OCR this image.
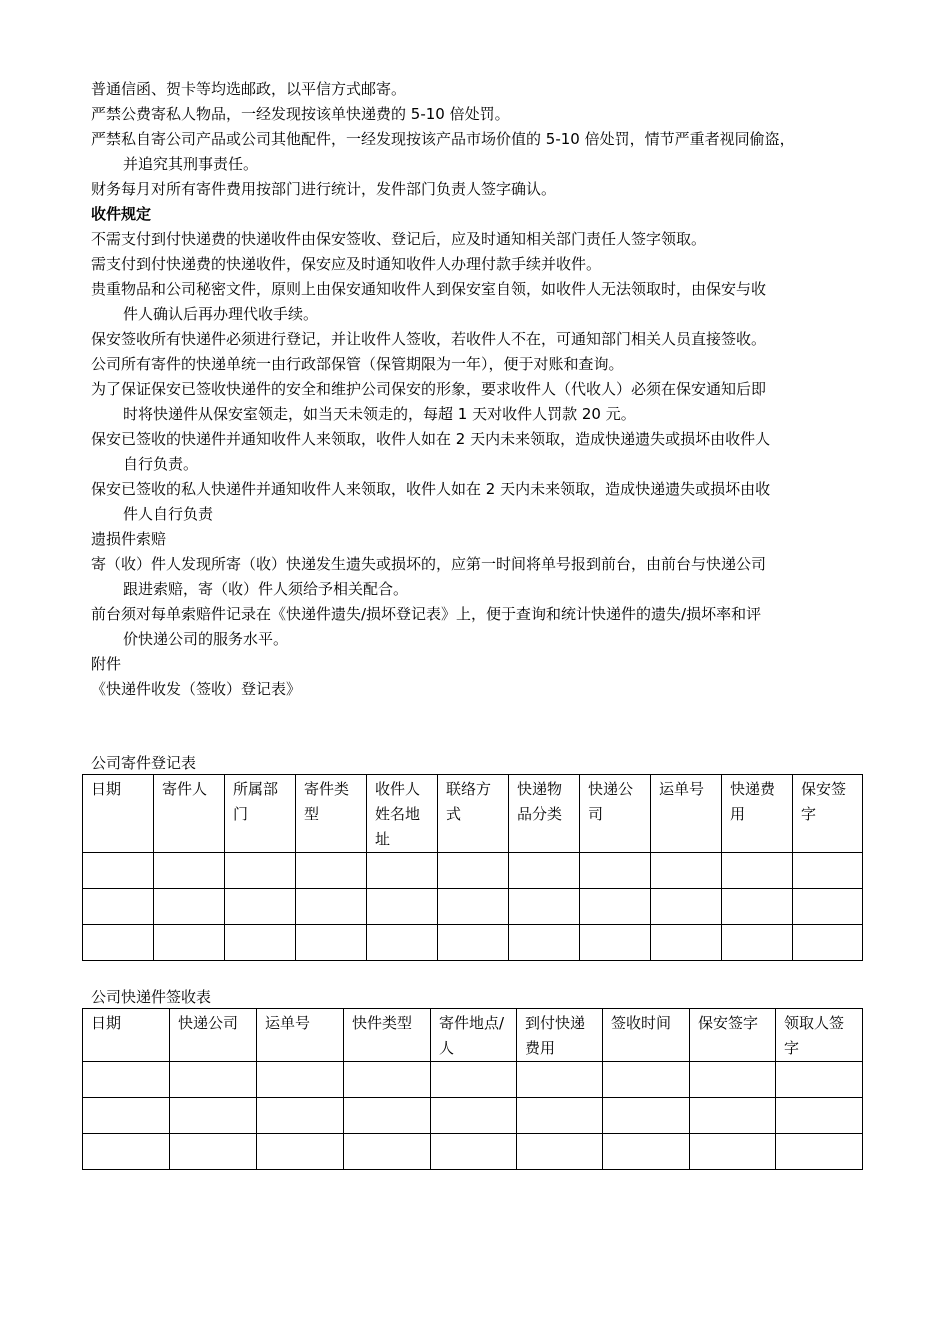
普通信函、贺卡等均选邮政，以平信方式邮寄。

严禁公费寄私人物品，一经发现按该单快递费的 5-10 倍处罚。

严禁私自寄公司产品或公司其他配件，一经发现按该产品市场价值的 5-10 倍处罚，情节严重者视同偷盗，
并追究其刑事责任。

财务每月对所有寄件费用按部门进行统计，发件部门负责人签字确认。

收件规定

不需支付到付快递费的快递收件由保安签收、登记后，应及时通知相关部门责任人签字领取。

需支付到付快递费的快递收件，保安应及时通知收件人办理付款手续并收件。

贵重物品和公司秘密文件，原则上由保安通知收件人到保安室自领，如收件人无法领取时，由保安与收
件人确认后再办理代收手续。

保安签收所有快递件必须进行登记，并让收件人签收，若收件人不在，可通知部门相关人员直接签收。

公司所有寄件的快递单统一由行政部保管（保管期限为一年），便于对账和查询。

为了保证保安已签收快递件的安全和维护公司保安的形象，要求收件人（代收人）必须在保安通知后即
时将快递件从保安室领走，如当天未领走的，每超 1 天对收件人罚款 20 元。

保安已签收的快递件并通知收件人来领取，收件人如在 2 天内未来领取，造成快递遗失或损坏由收件人
自行负责。

保安已签收的私人快递件并通知收件人来领取，收件人如在 2 天内未来领取，造成快递遗失或损坏由收
件人自行负责

遗损件索赔

寄（收）件人发现所寄（收）快递发生遗失或损坏的，应第一时间将单号报到前台，由前台与快递公司
跟进索赔，寄（收）件人须给予相关配合。

前台须对每单索赔件记录在《快递件遗失/损坏登记表》上，便于查询和统计快递件的遗失/损坏率和评
价快递公司的服务水平。

附件

《快递件收发（签收）登记表》

公司寄件登记表
日期	寄件人	所属部门	寄件类型	收件人姓名地址	联络方式	快递物品分类	快递公司	运单号	快递费用	保安签字

公司快递件签收表
日期	快递公司	运单号	快件类型	寄件地点/人	到付快递费用	签收时间	保安签字	领取人签字
